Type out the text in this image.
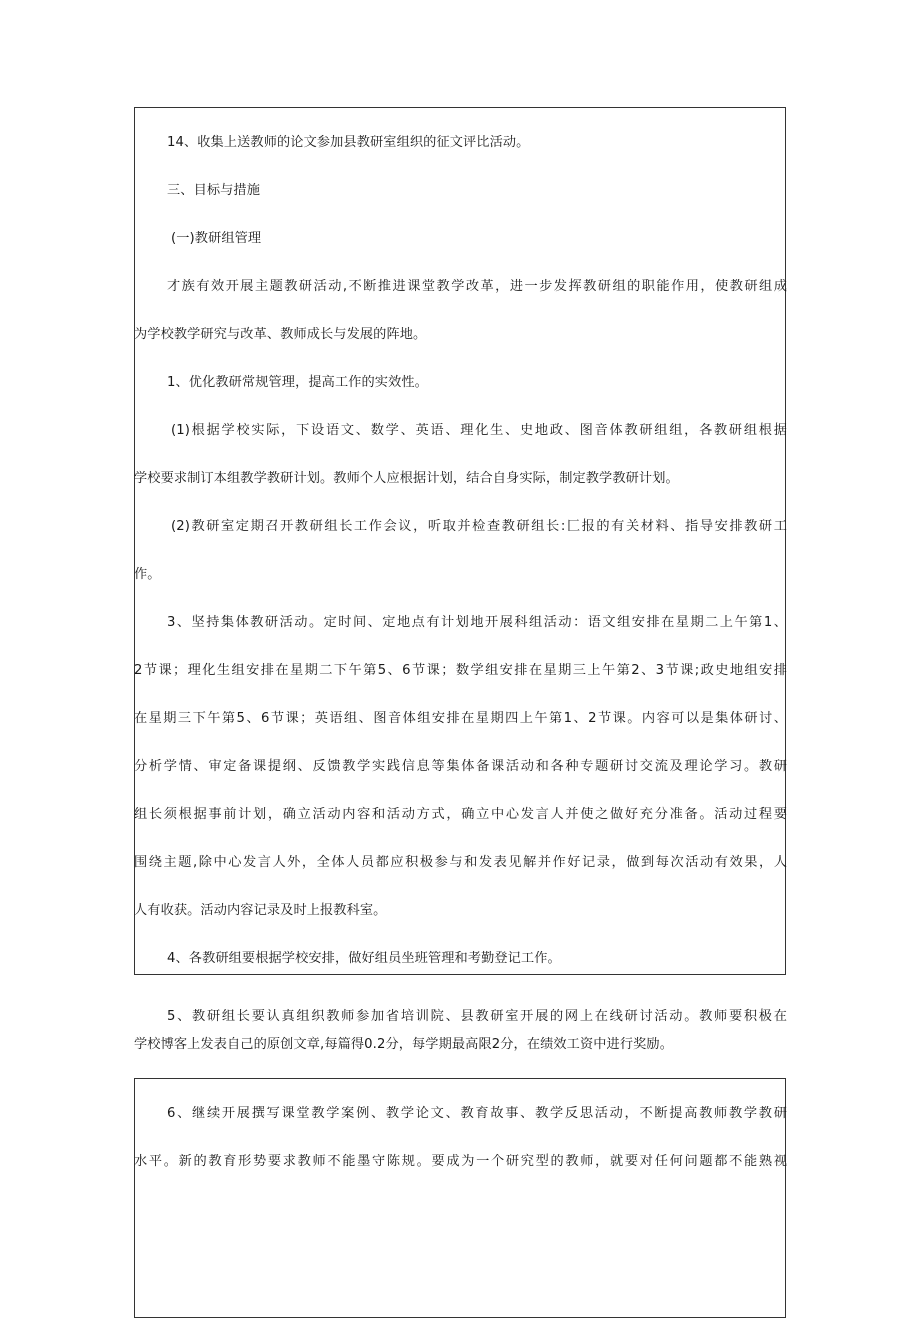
14、收集上送教师的论文参加县教研室组织的征文评比活动。
三、目标与措施
(一)教研组管理
才族有效开展主题教研活动,不断推进课堂教学改革，进一步发挥教研组的职能作用，使教研组成
为学校教学研究与改革、教师成长与发展的阵地。
1、优化教研常规管理，提高工作的实效性。
(1)根据学校实际，下设语文、数学、英语、理化生、史地政、图音体教研组组，各教研组根据
学校要求制订本组教学教研计划。教师个人应根据计划，结合自身实际，制定教学教研计划。
(2)教研室定期召开教研组长工作会议，听取并检查教研组长:匚报的有关材料、指导安排教研工
作。
3、坚持集体教研活动。定时间、定地点有计划地开展科组活动：语文组安排在星期二上午第1、
2节课；理化生组安排在星期二下午第5、6节课；数学组安排在星期三上午第2、3节课;政史地组安排
在星期三下午第5、6节课；英语组、图音体组安排在星期四上午第1、2节课。内容可以是集体研讨、
分析学情、审定备课提纲、反馈教学实践信息等集体备课活动和各种专题研讨交流及理论学习。教研
组长须根据事前计划，确立活动内容和活动方式，确立中心发言人并使之做好充分准备。活动过程要
围绕主题,除中心发言人外，全体人员都应积极参与和发表见解并作好记录，做到每次活动有效果，人
人有收获。活动内容记录及时上报教科室。
4、各教研组要根据学校安排，做好组员坐班管理和考勤登记工作。
5、教研组长要认真组织教师参加省培训院、县教研室开展的网上在线研讨活动。教师要积极在
学校博客上发表自己的原创文章,每篇得0.2分，每学期最高限2分，在绩效工资中进行奖励。
6、继续开展撰写课堂教学案例、教学论文、教育故事、教学反思活动，不断提高教师教学教研
水平。新的教育形势要求教师不能墨守陈规。要成为一个研究型的教师，就要对任何问题都不能熟视
